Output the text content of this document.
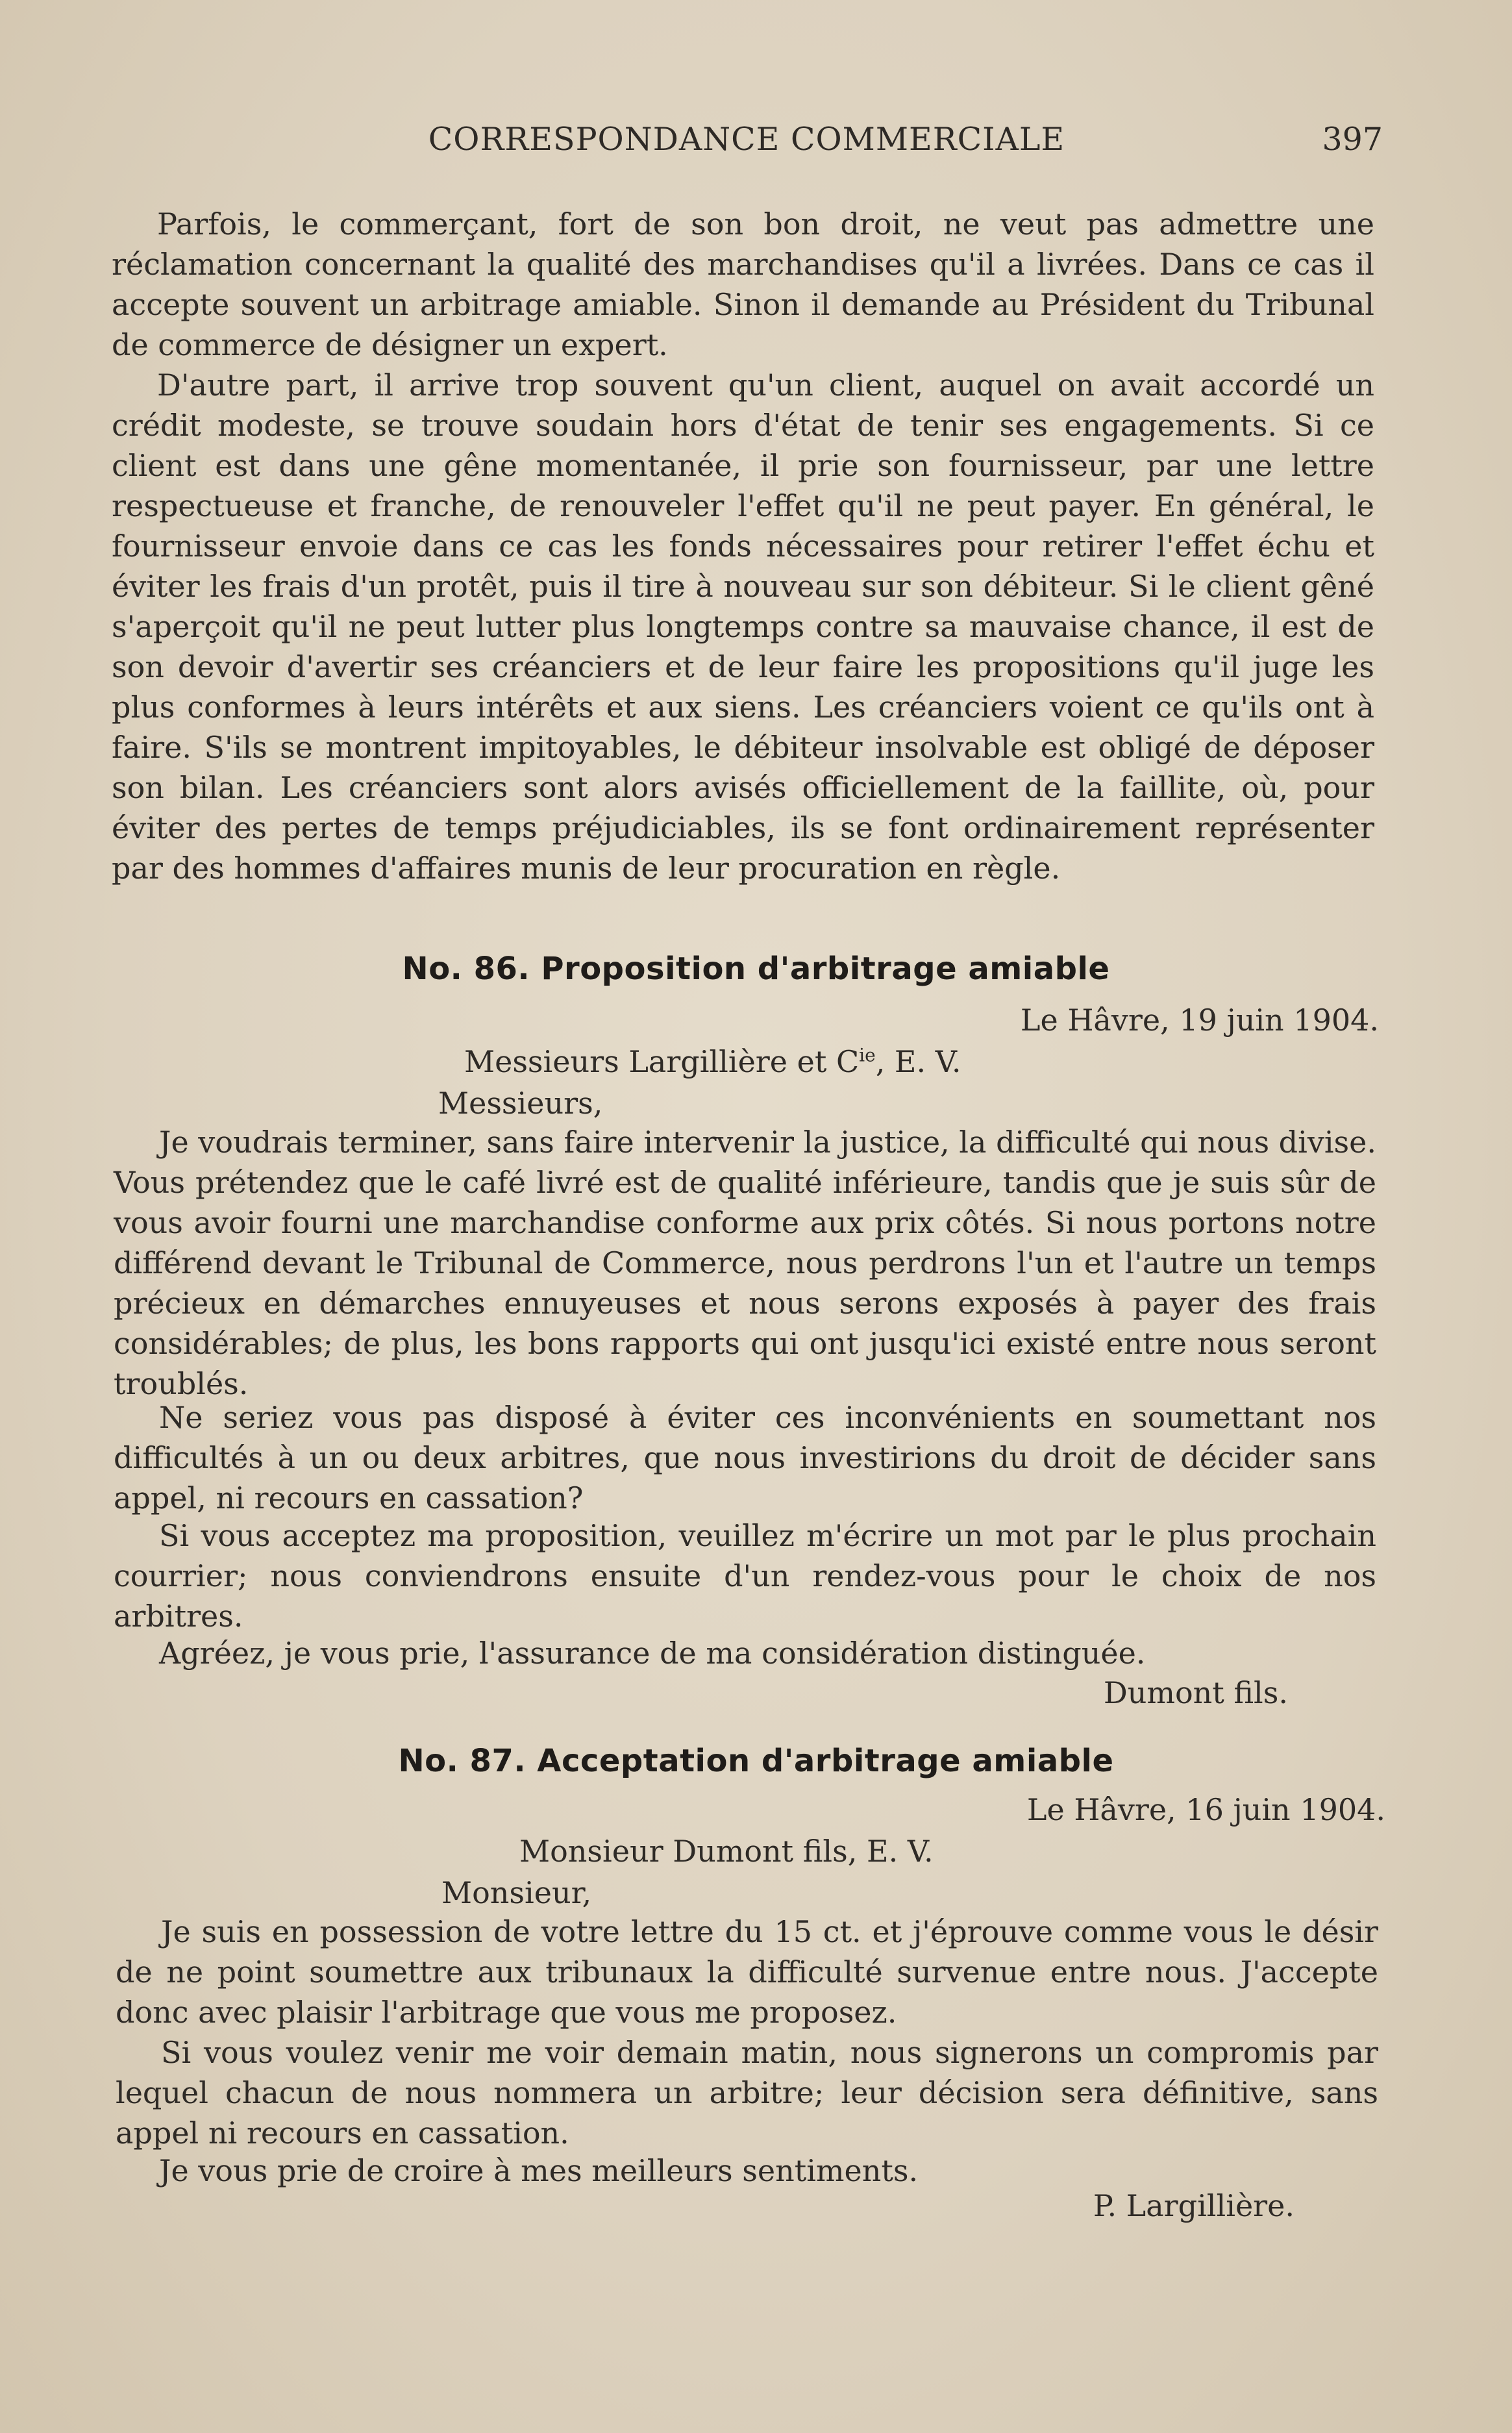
CORRESPONDANCE COMMERCIALE	397

Parfois, le commerçant, fort de son bon droit, ne veut pas admettre une réclamation concernant la qualité des marchandises qu'il a livrées. Dans ce cas il accepte souvent un arbitrage amiable. Sinon il demande au Président du Tribunal de commerce de désigner un expert.

D'autre part, il arrive trop souvent qu'un client, auquel on avait accordé un crédit modeste, se trouve soudain hors d'état de tenir ses engagements. Si ce client est dans une gêne momentanée, il prie son fournisseur, par une lettre respectueuse et franche, de renouveler l'effet qu'il ne peut payer. En général, le fournisseur envoie dans ce cas les fonds nécessaires pour retirer l'effet échu et éviter les frais d'un protêt, puis il tire à nouveau sur son débiteur. Si le client gêné s'aperçoit qu'il ne peut lutter plus longtemps contre sa mauvaise chance, il est de son devoir d'avertir ses créanciers et de leur faire les propositions qu'il juge les plus conformes à leurs intérêts et aux siens. Les créanciers voient ce qu'ils ont à faire. S'ils se montrent impitoyables, le débiteur insolvable est obligé de déposer son bilan. Les créanciers sont alors avisés officiellement de la faillite, où, pour éviter des pertes de temps préjudiciables, ils se font ordinairement représenter par des hommes d'affaires munis de leur procuration en règle.

No. 86. Proposition d'arbitrage amiable

Le Hâvre, 19 juin 1904.

Messieurs Largillière et $C^{ie}$, E. V.

Messieurs,

Je voudrais terminer, sans faire intervenir la justice, la difficulté qui nous divise. Vous prétendez que le café livré est de qualité inférieure, tandis que je suis sûr de vous avoir fourni une marchandise conforme aux prix côtés. Si nous portons notre différend devant le Tribunal de Commerce, nous perdrons l'un et l'autre un temps précieux en démarches ennuyeuses et nous serons exposés à payer des frais considérables; de plus, les bons rapports qui ont jusqu'ici existé entre nous seront troublés.

Ne seriez vous pas disposé à éviter ces inconvénients en soumettant nos difficultés à un ou deux arbitres, que nous investirions du droit de décider sans appel, ni recours en cassation?

Si vous acceptez ma proposition, veuillez m'écrire un mot par le plus prochain courrier; nous conviendrons ensuite d'un rendez-vous pour le choix de nos arbitres.

Agréez, je vous prie, l'assurance de ma considération distinguée.

Dumont fils.

No. 87. Acceptation d'arbitrage amiable

Le Hâvre, 16 juin 1904.

Monsieur Dumont fils, E. V.

Monsieur,

Je suis en possession de votre lettre du 15 ct. et j'éprouve comme vous le désir de ne point soumettre aux tribunaux la difficulté survenue entre nous. J'accepte donc avec plaisir l'arbitrage que vous me proposez.

Si vous voulez venir me voir demain matin, nous signerons un compromis par lequel chacun de nous nommera un arbitre; leur décision sera définitive, sans appel ni recours en cassation.

Je vous prie de croire à mes meilleurs sentiments.

P. Largillière.
